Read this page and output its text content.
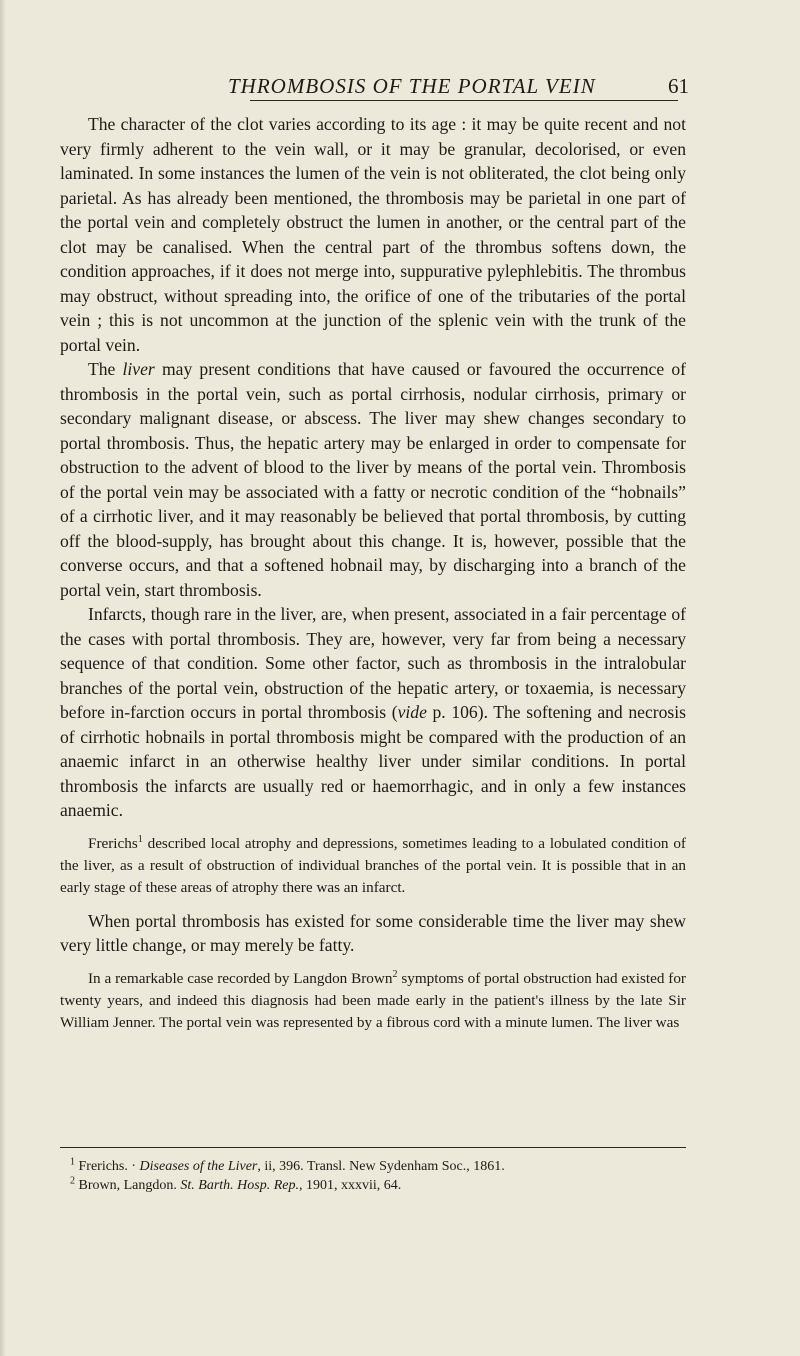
THROMBOSIS OF THE PORTAL VEIN	61

The character of the clot varies according to its age : it may be quite recent and not very firmly adherent to the vein wall, or it may be granular, decolorised, or even laminated. In some instances the lumen of the vein is not obliterated, the clot being only parietal. As has already been mentioned, the thrombosis may be parietal in one part of the portal vein and completely obstruct the lumen in another, or the central part of the clot may be canalised. When the central part of the thrombus softens down, the condition approaches, if it does not merge into, suppurative pylephlebitis. The thrombus may obstruct, without spreading into, the orifice of one of the tributaries of the portal vein ; this is not uncommon at the junction of the splenic vein with the trunk of the portal vein.

The liver may present conditions that have caused or favoured the occurrence of thrombosis in the portal vein, such as portal cirrhosis, nodular cirrhosis, primary or secondary malignant disease, or abscess. The liver may shew changes secondary to portal thrombosis. Thus, the hepatic artery may be enlarged in order to compensate for obstruction to the advent of blood to the liver by means of the portal vein. Thrombosis of the portal vein may be associated with a fatty or necrotic condition of the “hobnails” of a cirrhotic liver, and it may reasonably be believed that portal thrombosis, by cutting off the blood-supply, has brought about this change. It is, however, possible that the converse occurs, and that a softened hobnail may, by discharging into a branch of the portal vein, start thrombosis.

Infarcts, though rare in the liver, are, when present, associated in a fair percentage of the cases with portal thrombosis. They are, however, very far from being a necessary sequence of that condition. Some other factor, such as thrombosis in the intralobular branches of the portal vein, obstruction of the hepatic artery, or toxaemia, is necessary before in-farction occurs in portal thrombosis (vide p. 106). The softening and necrosis of cirrhotic hobnails in portal thrombosis might be compared with the production of an anaemic infarct in an otherwise healthy liver under similar conditions. In portal thrombosis the infarcts are usually red or haemorrhagic, and in only a few instances anaemic.

Frerichs$^1$ described local atrophy and depressions, sometimes leading to a lobulated condition of the liver, as a result of obstruction of individual branches of the portal vein. It is possible that in an early stage of these areas of atrophy there was an infarct.

When portal thrombosis has existed for some considerable time the liver may shew very little change, or may merely be fatty.

In a remarkable case recorded by Langdon Brown$^2$ symptoms of portal obstruction had existed for twenty years, and indeed this diagnosis had been made early in the patient's illness by the late Sir William Jenner. The portal vein was represented by a fibrous cord with a minute lumen. The liver was

$^1$ Frerichs. · Diseases of the Liver, ii, 396. Transl. New Sydenham Soc., 1861.
$^2$ Brown, Langdon. St. Barth. Hosp. Rep., 1901, xxxvii, 64.
